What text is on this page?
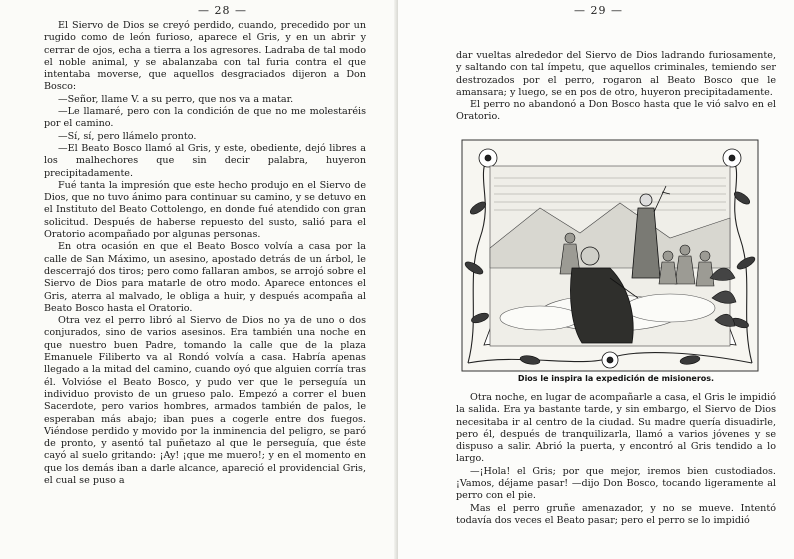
— 28 —

El Siervo de Dios se creyó perdido, cuando, precedido por un rugido como de león furioso, aparece el Gris, y en un abrir y cerrar de ojos, echa a tierra a los agresores. Ladraba de tal modo el noble animal, y se abalanzaba con tal furia contra el que intentaba moverse, que aquellos desgraciados dijeron a Don Bosco:

—Señor, llame V. a su perro, que nos va a matar.

—Le llamaré, pero con la condición de que no me molestaréis por el camino.

—Sí, sí, pero llámelo pronto.

—El Beato Bosco llamó al Gris, y este, obediente, dejó libres a los malhechores que sin decir palabra, huyeron precipitadamente.

Fué tanta la impresión que este hecho produjo en el Siervo de Dios, que no tuvo ánimo para continuar su camino, y se detuvo en el Instituto del Beato Cottolengo, en donde fué atendido con gran solicitud. Después de haberse repuesto del susto, salió para el Oratorio acompañado por algunas personas.

En otra ocasión en que el Beato Bosco volvía a casa por la calle de San Máximo, un asesino, apostado detrás de un árbol, le descerrajó dos tiros; pero como fallaran ambos, se arrojó sobre el Siervo de Dios para matarle de otro modo. Aparece entonces el Gris, aterra al malvado, le obliga a huir, y después acompaña al Beato Bosco hasta el Oratorio.

Otra vez el perro libró al Siervo de Dios no ya de uno o dos conjurados, sino de varios asesinos. Era también una noche en que nuestro buen Padre, tomando la calle que de la plaza Emanuele Filiberto va al Rondó volvía a casa. Habría apenas llegado a la mitad del camino, cuando oyó que alguien corría tras él. Volvióse el Beato Bosco, y pudo ver que le perseguía un individuo provisto de un grueso palo. Empezó a correr el buen Sacerdote, pero varios hombres, armados también de palos, le esperaban más abajo; iban pues a cogerle entre dos fuegos. Viéndose perdido y movido por la inminencia del peligro, se paró de pronto, y asentó tal puñetazo al que le perseguía, que éste cayó al suelo gritando: ¡Ay! ¡que me muero!; y en el momento en que los demás iban a darle alcance, apareció el providencial Gris, el cual se puso a

— 29 —

dar vueltas alrededor del Siervo de Dios ladrando furiosamente, y saltando con tal ímpetu, que aquellos criminales, temiendo ser destrozados por el perro, rogaron al Beato Bosco que le amansara; y luego, se en pos de otro, huyeron precipitadamente.

El perro no abandonó a Don Bosco hasta que le vió salvo en el Oratorio.

Dios le inspira la expedición de misioneros.

Otra noche, en lugar de acompañarle a casa, el Gris le impidió la salida. Era ya bastante tarde, y sin embargo, el Siervo de Dios necesitaba ir al centro de la ciudad. Su madre quería disuadirle, pero él, después de tranquilizarla, llamó a varios jóvenes y se dispuso a salir. Abrió la puerta, y encontró al Gris tendido a lo largo.

—¡Hola! el Gris; por que mejor, iremos bien custodiados. ¡Vamos, déjame pasar! —dijo Don Bosco, tocando ligeramente al perro con el pie.

Mas el perro gruñe amenazador, y no se mueve. Intentó todavía dos veces el Beato pasar; pero el perro se lo impidió
